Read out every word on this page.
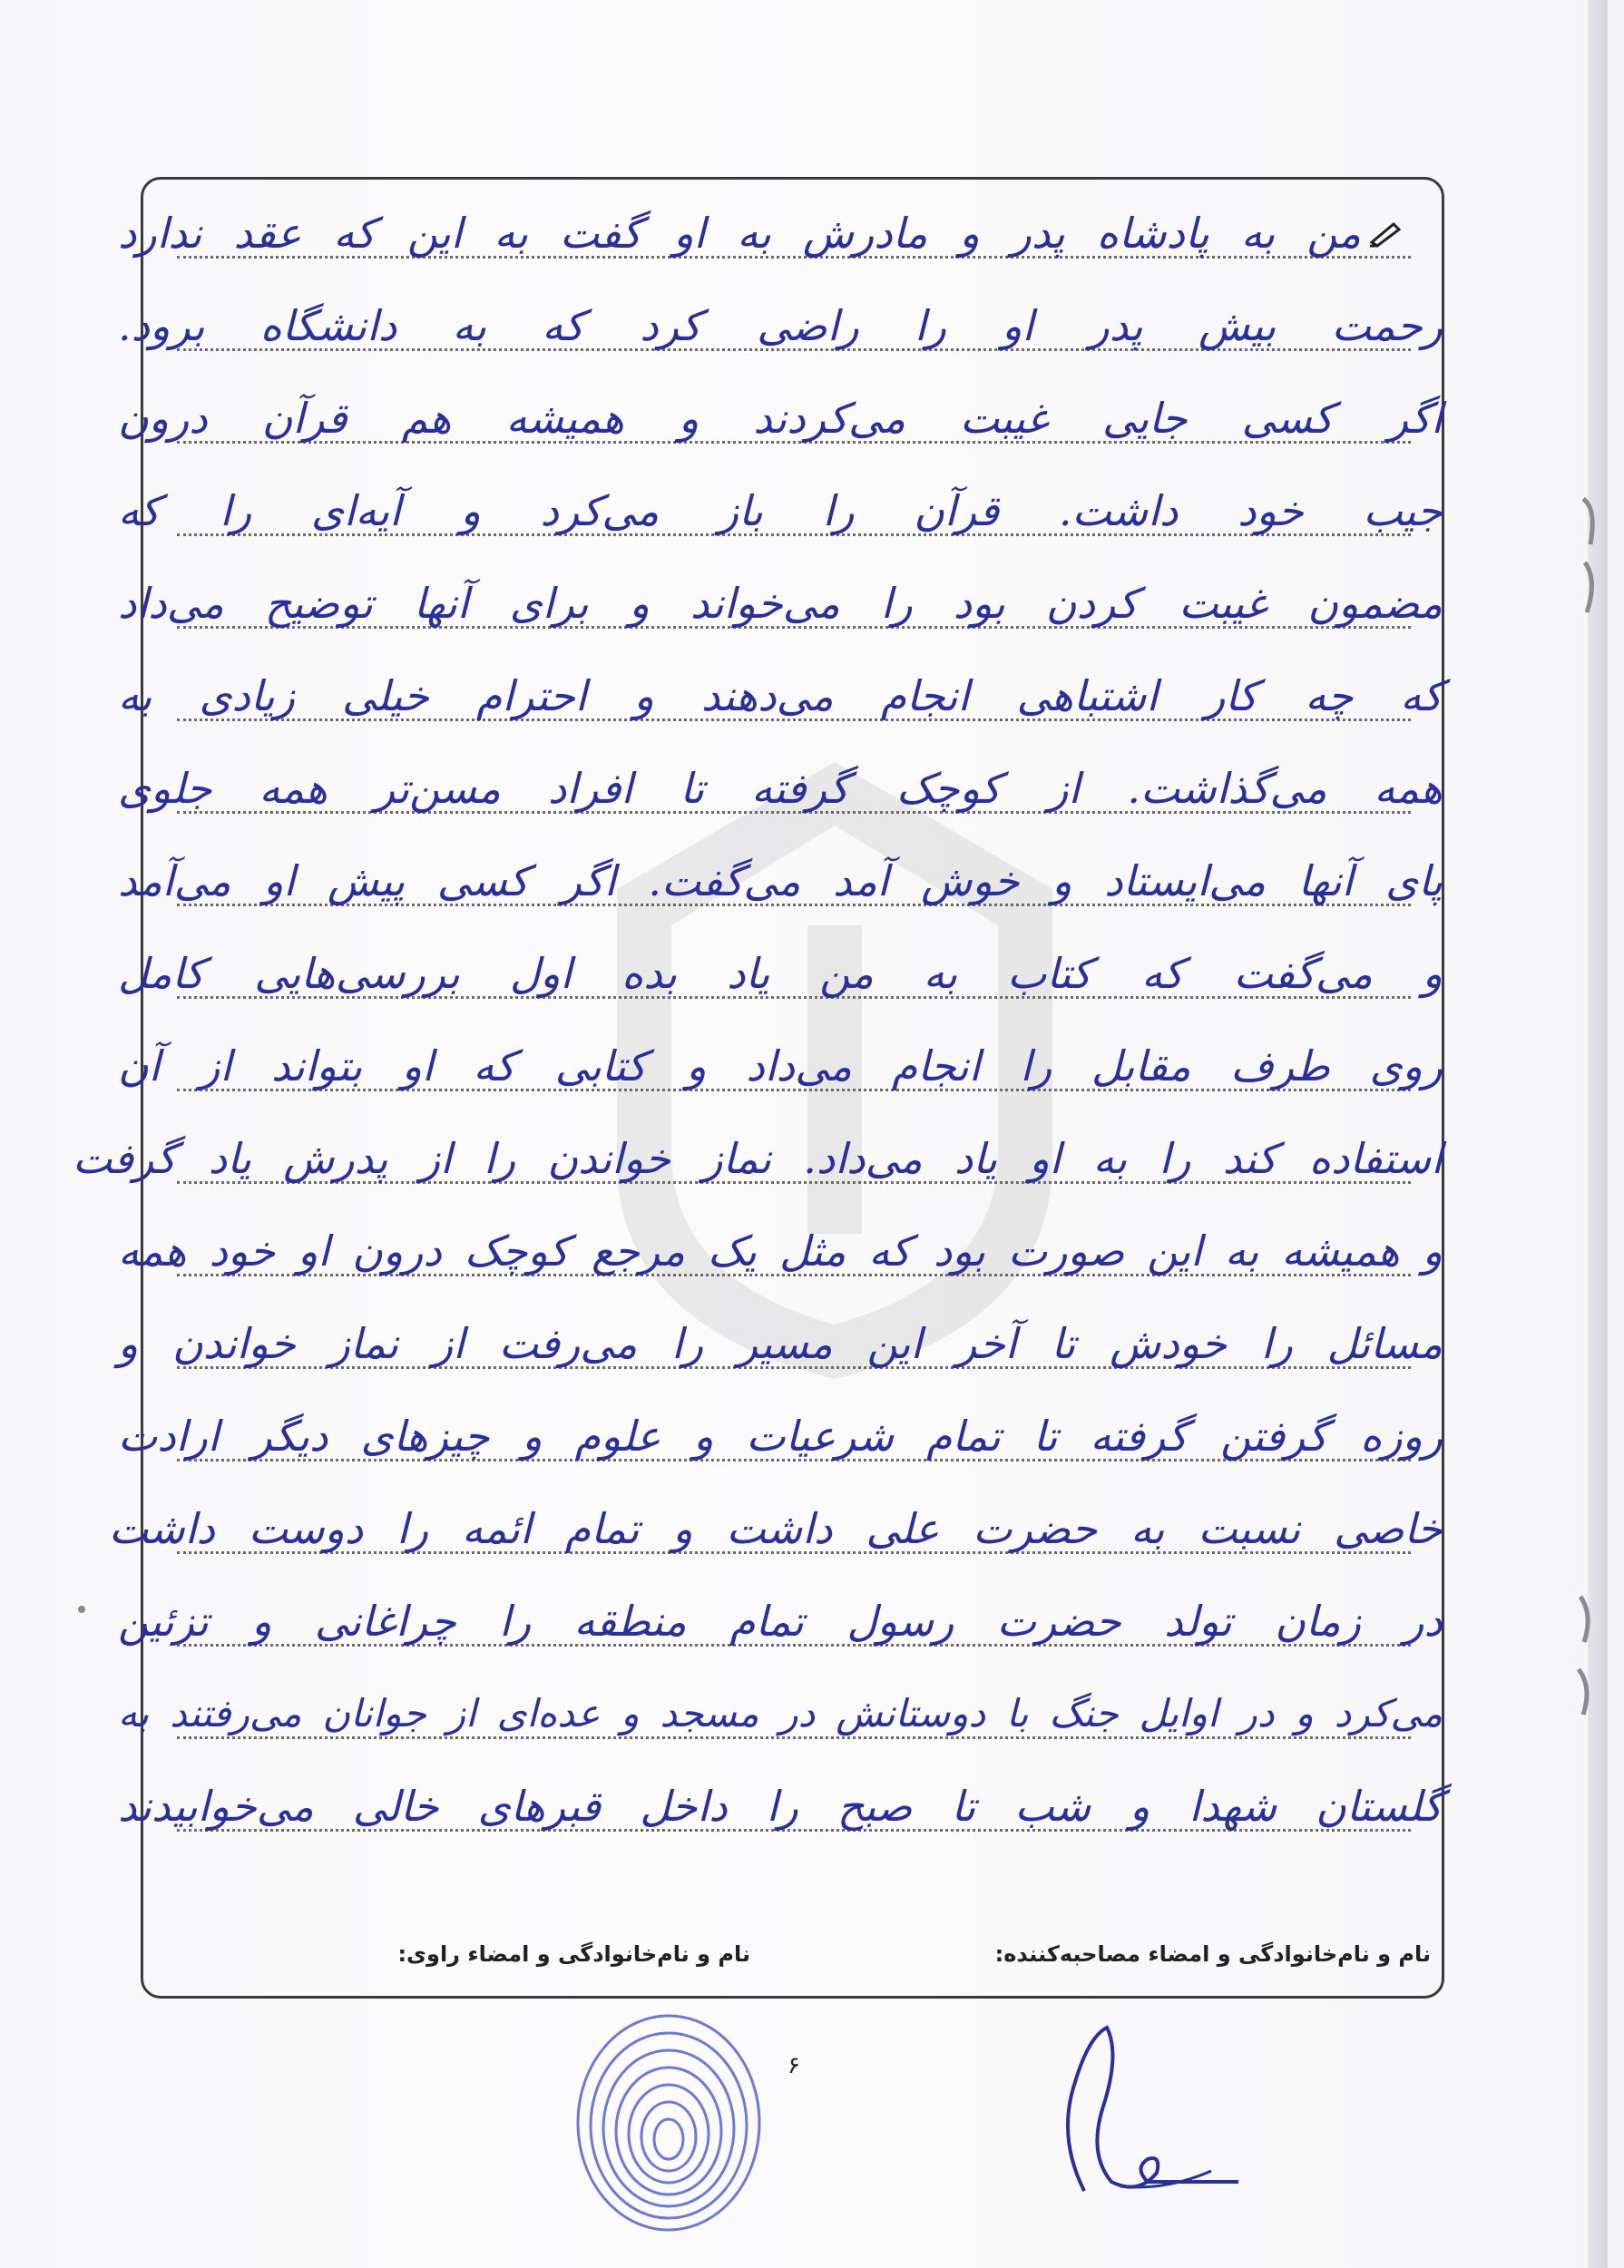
من به پادشاه پدر و مادرش به او گفت به این که عقد ندارد
رحمت بیش پدر او را راضی کرد که به دانشگاه برود.
اگر کسی جایی غیبت می‌کردند و همیشه هم قرآن درون
جیب خود داشت. قرآن را باز می‌کرد و آیه‌ای را که
مضمون غیبت کردن بود را می‌خواند و برای آنها توضیح می‌داد
که چه کار اشتباهی انجام می‌دهند و احترام خیلی زیادی به
همه می‌گذاشت. از کوچک گرفته تا افراد مسن‌تر همه جلوی
پای آنها می‌ایستاد و خوش آمد می‌گفت. اگر کسی پیش او می‌آمد
و می‌گفت که کتاب به من یاد بده اول بررسی‌هایی کامل
روی طرف مقابل را انجام می‌داد و کتابی که او بتواند از آن
استفاده کند را به او یاد می‌داد. نماز خواندن را از پدرش یاد گرفت
و همیشه به این صورت بود که مثل یک مرجع کوچک درون او خود همه
مسائل را خودش تا آخر این مسیر را می‌رفت از نماز خواندن و
روزه گرفتن گرفته تا تمام شرعیات و علوم و چیزهای دیگر ارادت
خاصی نسبت به حضرت علی داشت و تمام ائمه را دوست داشت
در زمان تولد حضرت رسول تمام منطقه را چراغانی و تزئین
می‌کرد و در اوایل جنگ با دوستانش در مسجد و عده‌ای از جوانان می‌رفتند به
گلستان شهدا و شب تا صبح را داخل قبرهای خالی می‌خوابیدند
نام و نام‌خانوادگی و امضاء مصاحبه‌کننده:
نام و نام‌خانوادگی و امضاء راوی:
۶
